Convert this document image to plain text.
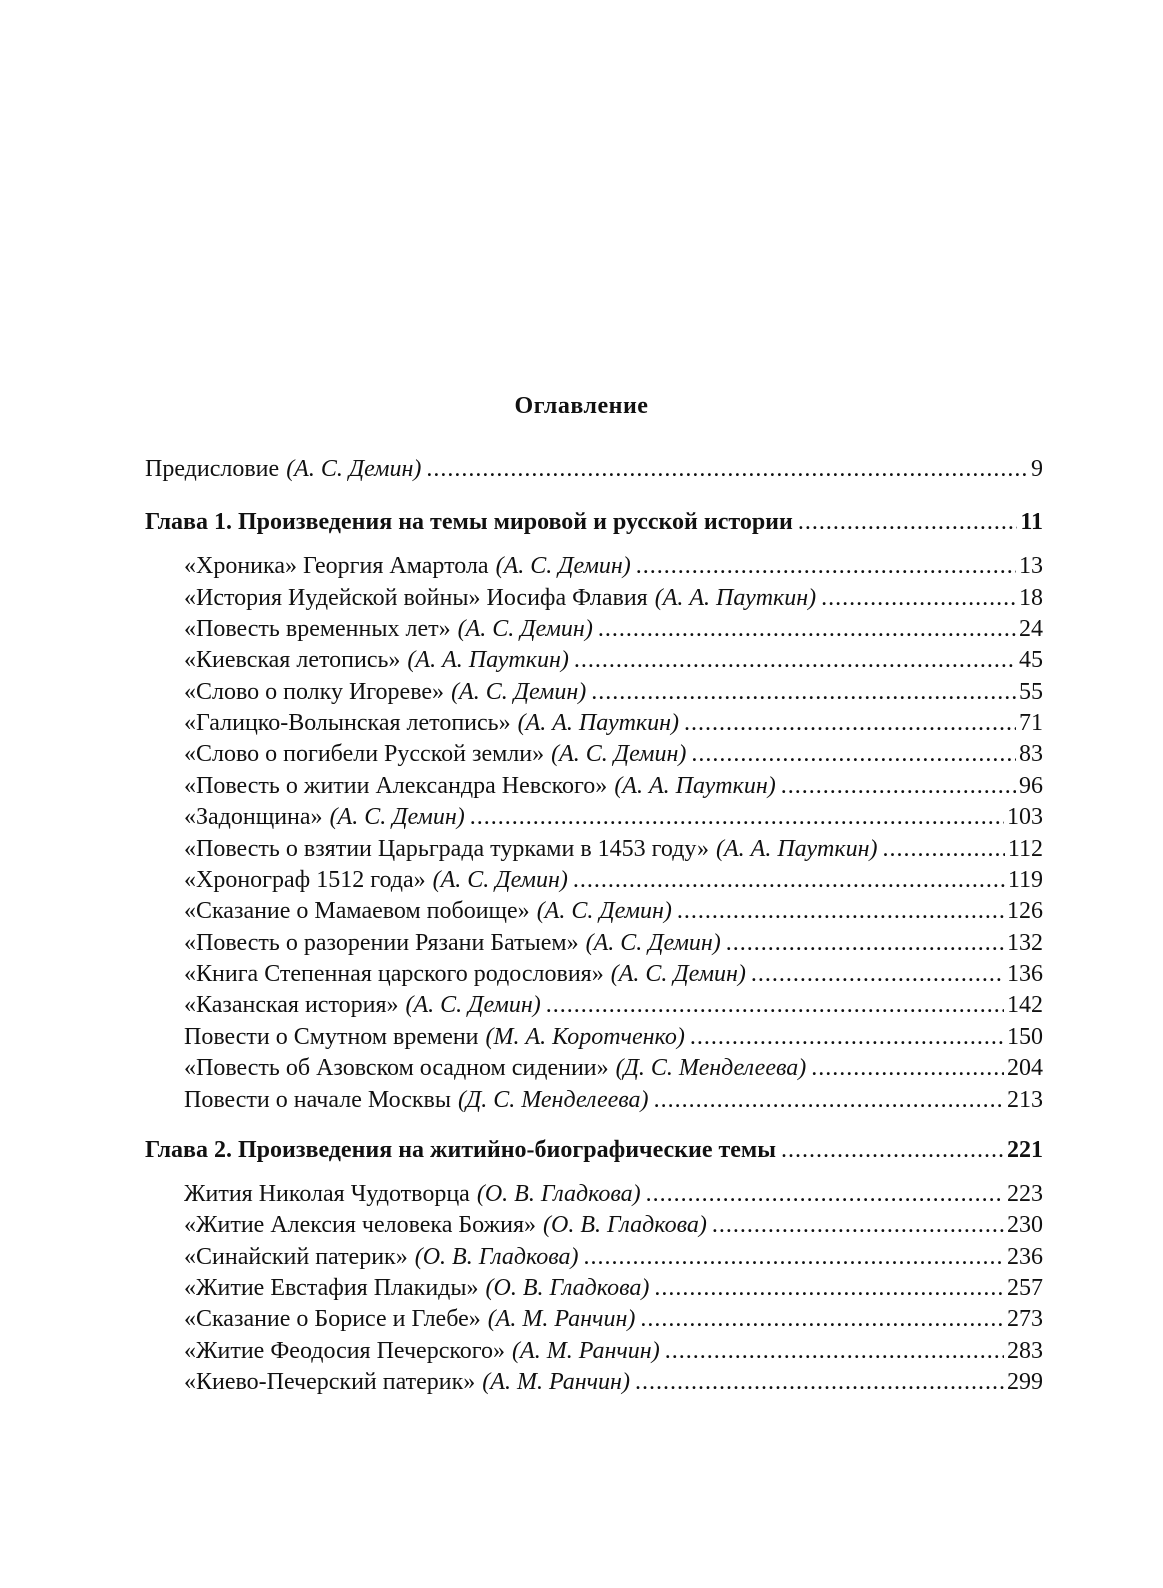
Оглавление
Предисловие (А. С. Демин) .....	9
Глава 1. Произведения на темы мировой и русской истории .....	11
«Хроника» Георгия Амартола (А. С. Демин) .....	13
«История Иудейской войны» Иосифа Флавия (А. А. Пауткин) .....	18
«Повесть временных лет» (А. С. Демин) .....	24
«Киевская летопись» (А. А. Пауткин) .....	45
«Слово о полку Игореве» (А. С. Демин) .....	55
«Галицко-Волынская летопись» (А. А. Пауткин) .....	71
«Слово о погибели Русской земли» (А. С. Демин) .....	83
«Повесть о житии Александра Невского» (А. А. Пауткин) .....	96
«Задонщина» (А. С. Демин) .....	103
«Повесть о взятии Царьграда турками в 1453 году» (А. А. Пауткин) .....	112
«Хронограф 1512 года» (А. С. Демин) .....	119
«Сказание о Мамаевом побоище» (А. С. Демин) .....	126
«Повесть о разорении Рязани Батыем» (А. С. Демин) .....	132
«Книга Степенная царского родословия» (А. С. Демин) .....	136
«Казанская история» (А. С. Демин) .....	142
Повести о Смутном времени (М. А. Коротченко) .....	150
«Повесть об Азовском осадном сидении» (Д. С. Менделеева) .....	204
Повести о начале Москвы (Д. С. Менделеева) .....	213
Глава 2. Произведения на житийно-биографические темы .....	221
Жития Николая Чудотворца (О. В. Гладкова) .....	223
«Житие Алексия человека Божия» (О. В. Гладкова) .....	230
«Синайский патерик» (О. В. Гладкова) .....	236
«Житие Евстафия Плакиды» (О. В. Гладкова) .....	257
«Сказание о Борисе и Глебе» (А. М. Ранчин) .....	273
«Житие Феодосия Печерского» (А. М. Ранчин) .....	283
«Киево-Печерский патерик» (А. М. Ранчин) .....	299
